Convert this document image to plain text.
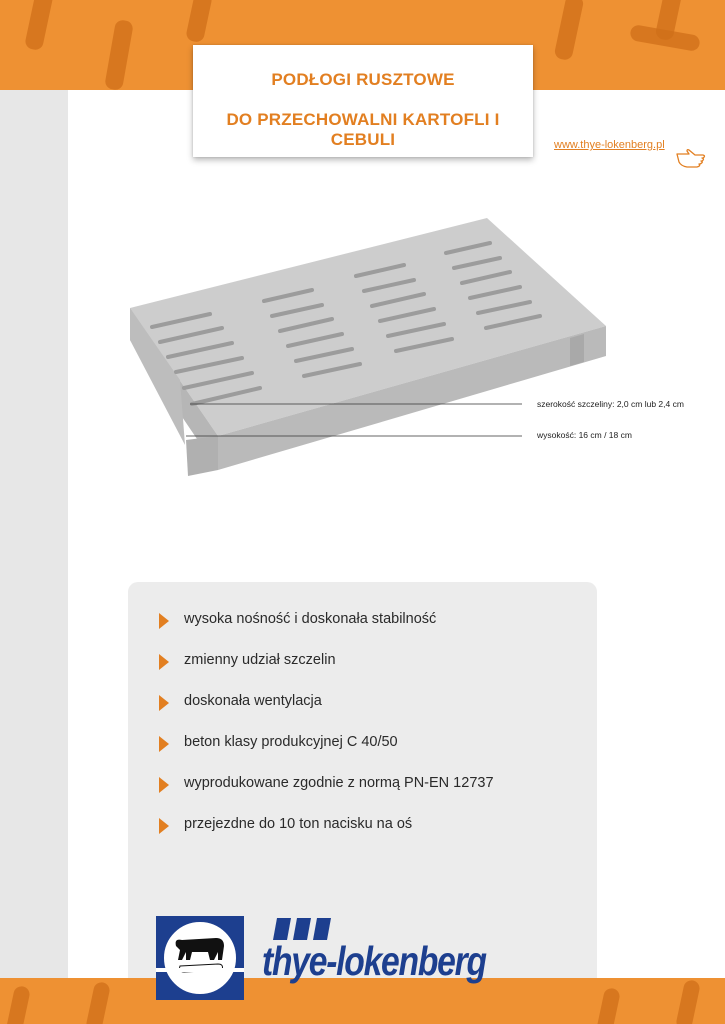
PODŁOGI RUSZTOWE
DO PRZECHOWALNI KARTOFLI I CEBULI	www.thye-lokenberg.pl
szerokość szczeliny: 2,0 cm lub 2,4 cm
wysokość: 16 cm / 18 cm
wysoka nośność i doskonała stabilność
zmienny udział szczelin
doskonała wentylacja
beton klasy produkcyjnej C 40/50
wyprodukowane zgodnie z normą PN-EN 12737
przejezdne do 10 ton nacisku na oś
thye-lokenberg
